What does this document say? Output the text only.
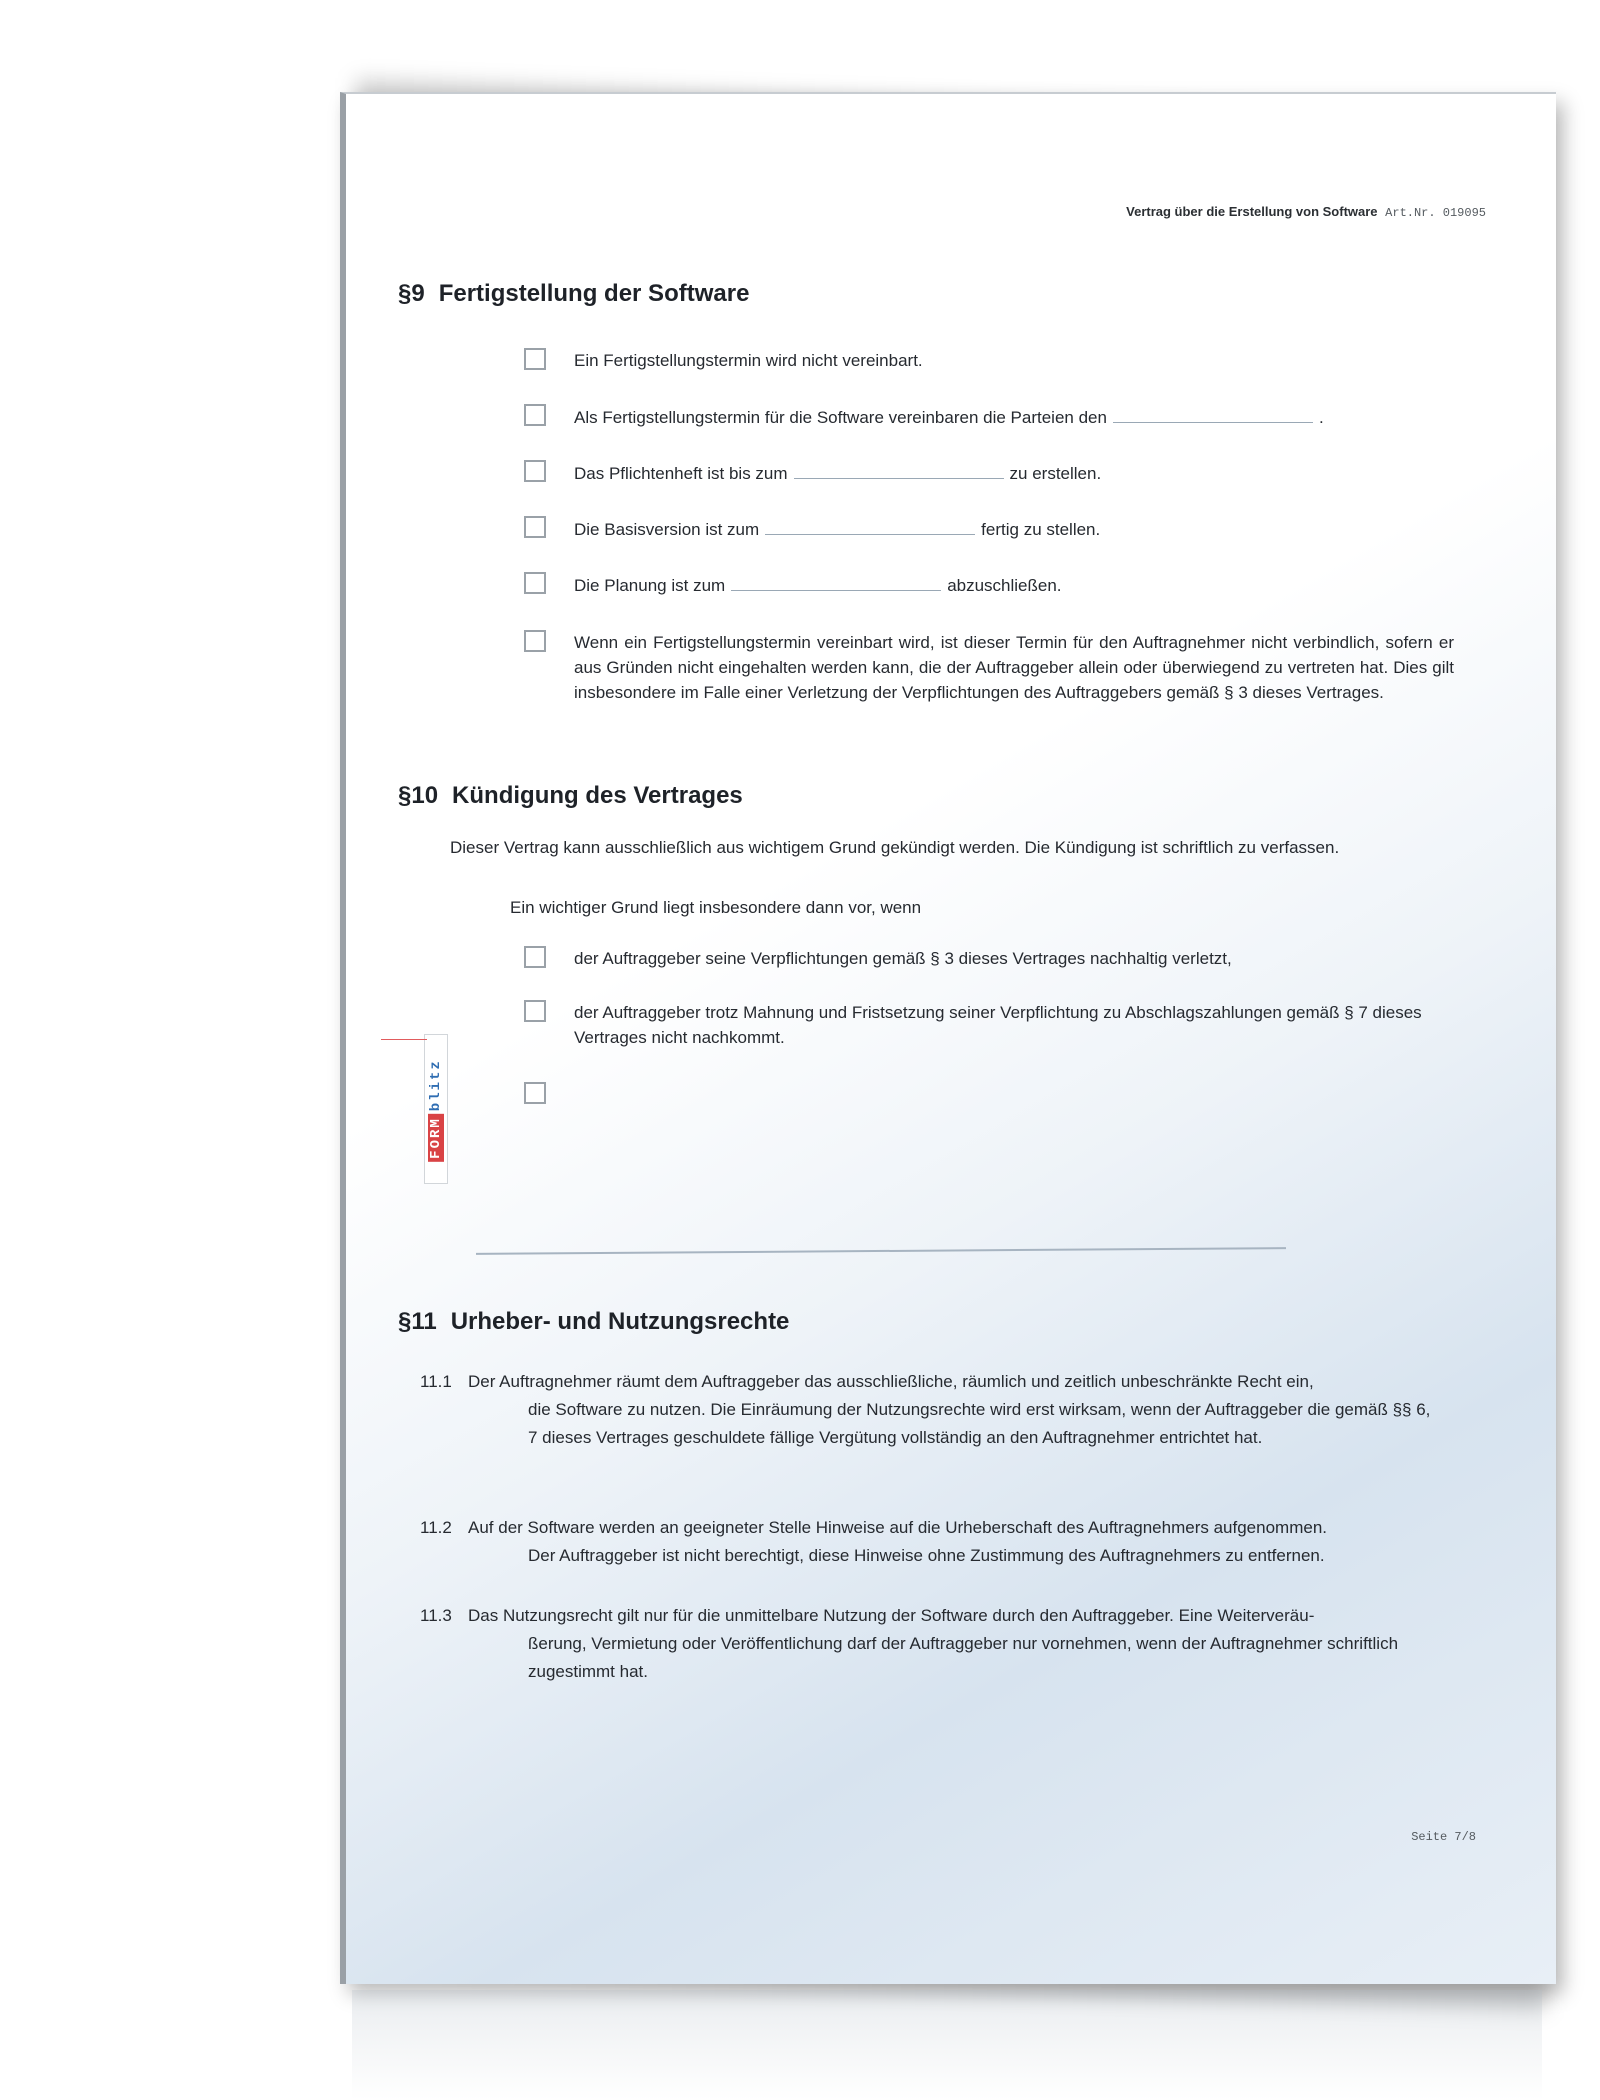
Vertrag über die Erstellung von Software Art.Nr. 019095
§9 Fertigstellung der Software
Ein Fertigstellungstermin wird nicht vereinbart.
Als Fertigstellungstermin für die Software vereinbaren die Parteien den	.
Das Pflichtenheft ist bis zum	zu erstellen.
Die Basisversion ist zum	fertig zu stellen.
Die Planung ist zum	abzuschließen.
Wenn ein Fertigstellungstermin vereinbart wird, ist dieser Termin für den Auftragnehmer nicht verbindlich, sofern er aus Gründen nicht eingehalten werden kann, die der Auftraggeber allein oder überwiegend zu vertreten hat. Dies gilt insbesondere im Falle einer Verletzung der Verpflichtungen des Auftraggebers gemäß § 3 dieses Vertrages.
§10 Kündigung des Vertrages
Dieser Vertrag kann ausschließlich aus wichtigem Grund gekündigt werden. Die Kündigung ist schriftlich zu verfassen.
Ein wichtiger Grund liegt insbesondere dann vor, wenn
der Auftraggeber seine Verpflichtungen gemäß § 3 dieses Vertrages nachhaltig verletzt,
der Auftraggeber trotz Mahnung und Fristsetzung seiner Verpflichtung zu Abschlagszahlungen gemäß § 7 dieses Vertrages nicht nachkommt.
§11 Urheber- und Nutzungsrechte
11.1 Der Auftragnehmer räumt dem Auftraggeber das ausschließliche, räumlich und zeitlich unbeschränkte Recht ein,
die Software zu nutzen. Die Einräumung der Nutzungsrechte wird erst wirksam, wenn der Auftraggeber die gemäß §§ 6, 7 dieses Vertrages geschuldete fällige Vergütung vollständig an den Auftragnehmer entrichtet hat.
11.2 Auf der Software werden an geeigneter Stelle Hinweise auf die Urheberschaft des Auftragnehmers aufgenommen.
Der Auftraggeber ist nicht berechtigt, diese Hinweise ohne Zustimmung des Auftragnehmers zu entfernen.
11.3 Das Nutzungsrecht gilt nur für die unmittelbare Nutzung der Software durch den Auftraggeber. Eine Weiterveräu-
ßerung, Vermietung oder Veröffentlichung darf der Auftraggeber nur vornehmen, wenn der Auftragnehmer schriftlich zugestimmt hat.
Seite 7/8
FORMblitz
